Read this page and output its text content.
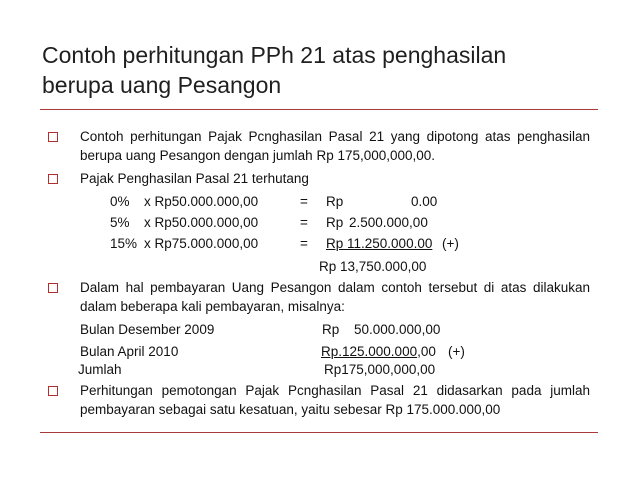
Contoh perhitungan PPh 21 atas penghasilan
berupa uang Pesangon
Contoh perhitungan Pajak Pcnghasilan Pasal 21 yang dipotong atas penghasilan
berupa uang Pesangon dengan jumlah Rp 175,000,000,00.
Pajak Penghasilan Pasal 21 terhutang
0% x Rp50.000.000,00	= Rp	0.00
5% x Rp50.000.000,00	= Rp 2.500.000,00
15% x Rp75.000.000,00	= Rp 11.250.000.00 (+)
Rp 13,750.000,00
Dalam hal pembayaran Uang Pesangon dalam contoh tersebut di atas dilakukan
dalam beberapa kali pembayaran, misalnya:
Bulan Desember 2009	Rp 50.000.000,00
Bulan April 2010	Rp.125.000.000,00 (+)
Jumlah	Rp175,000,000,00
Perhitungan pemotongan Pajak Pcnghasilan Pasal 21 didasarkan pada jumlah
pembayaran sebagai satu kesatuan, yaitu sebesar Rp 175.000.000,00
